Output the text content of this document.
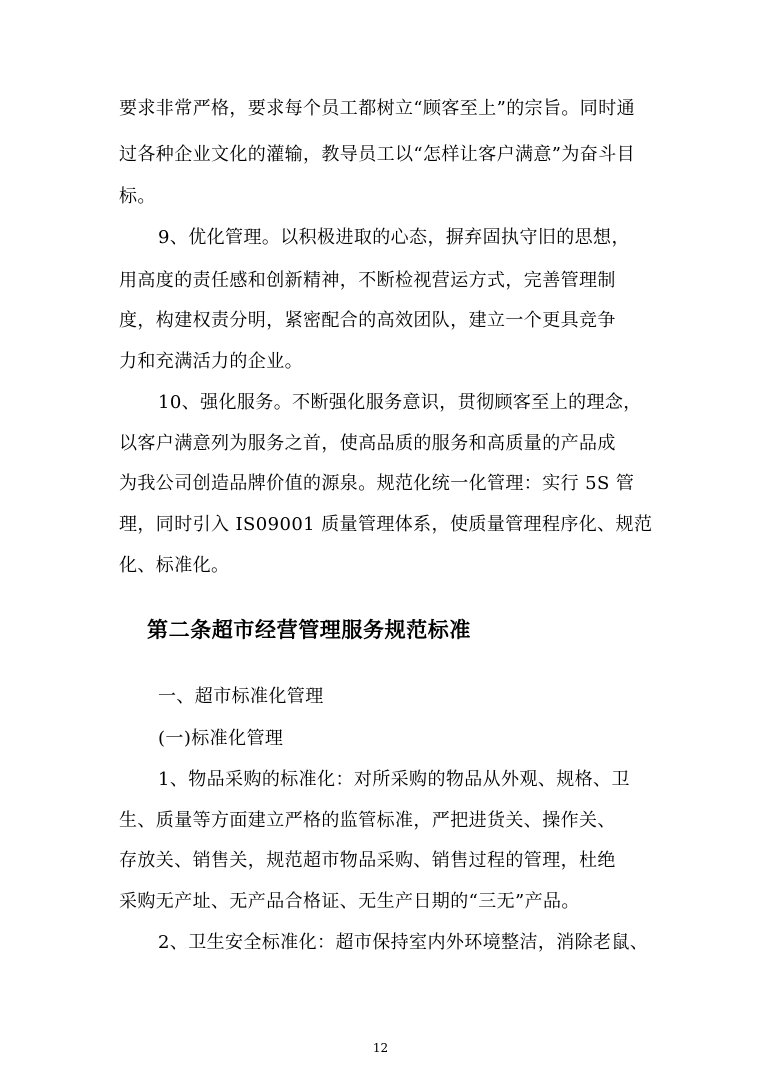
要求非常严格，要求每个员工都树立“顾客至上”的宗旨。同时通
过各种企业文化的灌输，教导员工以“怎样让客户满意”为奋斗目
标。
9、优化管理。以积极进取的心态，摒弃固执守旧的思想，
用高度的责任感和创新精神，不断检视营运方式，完善管理制
度，构建权责分明，紧密配合的高效团队，建立一个更具竞争
力和充满活力的企业。
10、强化服务。不断强化服务意识，贯彻顾客至上的理念，
以客户满意列为服务之首，使高品质的服务和高质量的产品成
为我公司创造品牌价值的源泉。规范化统一化管理：实行 5S 管
理，同时引入 IS09001 质量管理体系，使质量管理程序化、规范
化、标准化。
第二条超市经营管理服务规范标准
一、超市标准化管理
(一)标准化管理
1、物品采购的标准化：对所采购的物品从外观、规格、卫
生、质量等方面建立严格的监管标准，严把进货关、操作关、
存放关、销售关，规范超市物品采购、销售过程的管理，杜绝
采购无产址、无产品合格证、无生产日期的“三无”产品。
2、卫生安全标准化：超市保持室内外环境整洁，消除老鼠、
12
